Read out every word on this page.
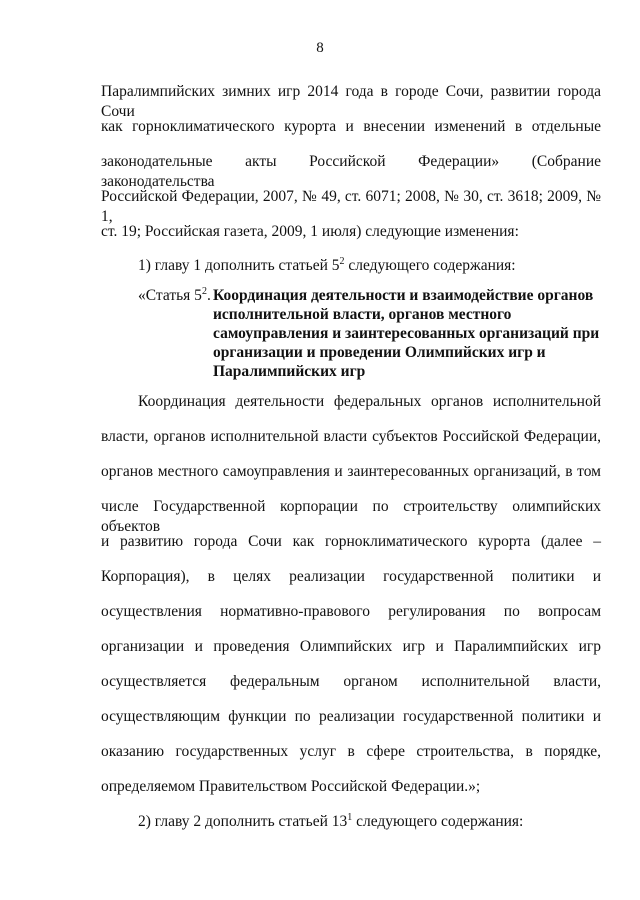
8
Паралимпийских зимних игр 2014 года в городе Сочи, развитии города Сочи
как горноклиматического курорта и внесении изменений в отдельные
законодательные акты Российской Федерации» (Собрание законодательства
Российской Федерации, 2007, № 49, ст. 6071; 2008, № 30, ст. 3618; 2009, № 1,
ст. 19; Российская газета, 2009, 1 июля) следующие изменения:
1) главу 1 дополнить статьей $5^2$ следующего содержания:
«Статья $5^2$. Координация деятельности и взаимодействие органов
исполнительной власти, органов местного
самоуправления и заинтересованных организаций при
организации и проведении Олимпийских игр и
Паралимпийских игр
Координация деятельности федеральных органов исполнительной
власти, органов исполнительной власти субъектов Российской Федерации,
органов местного самоуправления и заинтересованных организаций, в том
числе Государственной корпорации по строительству олимпийских объектов
и развитию города Сочи как горноклиматического курорта (далее –
Корпорация), в целях реализации государственной политики и
осуществления нормативно-правового регулирования по вопросам
организации и проведения Олимпийских игр и Паралимпийских игр
осуществляется федеральным органом исполнительной власти,
осуществляющим функции по реализации государственной политики и
оказанию государственных услуг в сфере строительства, в порядке,
определяемом Правительством Российской Федерации.»;
2) главу 2 дополнить статьей $13^1$ следующего содержания:
